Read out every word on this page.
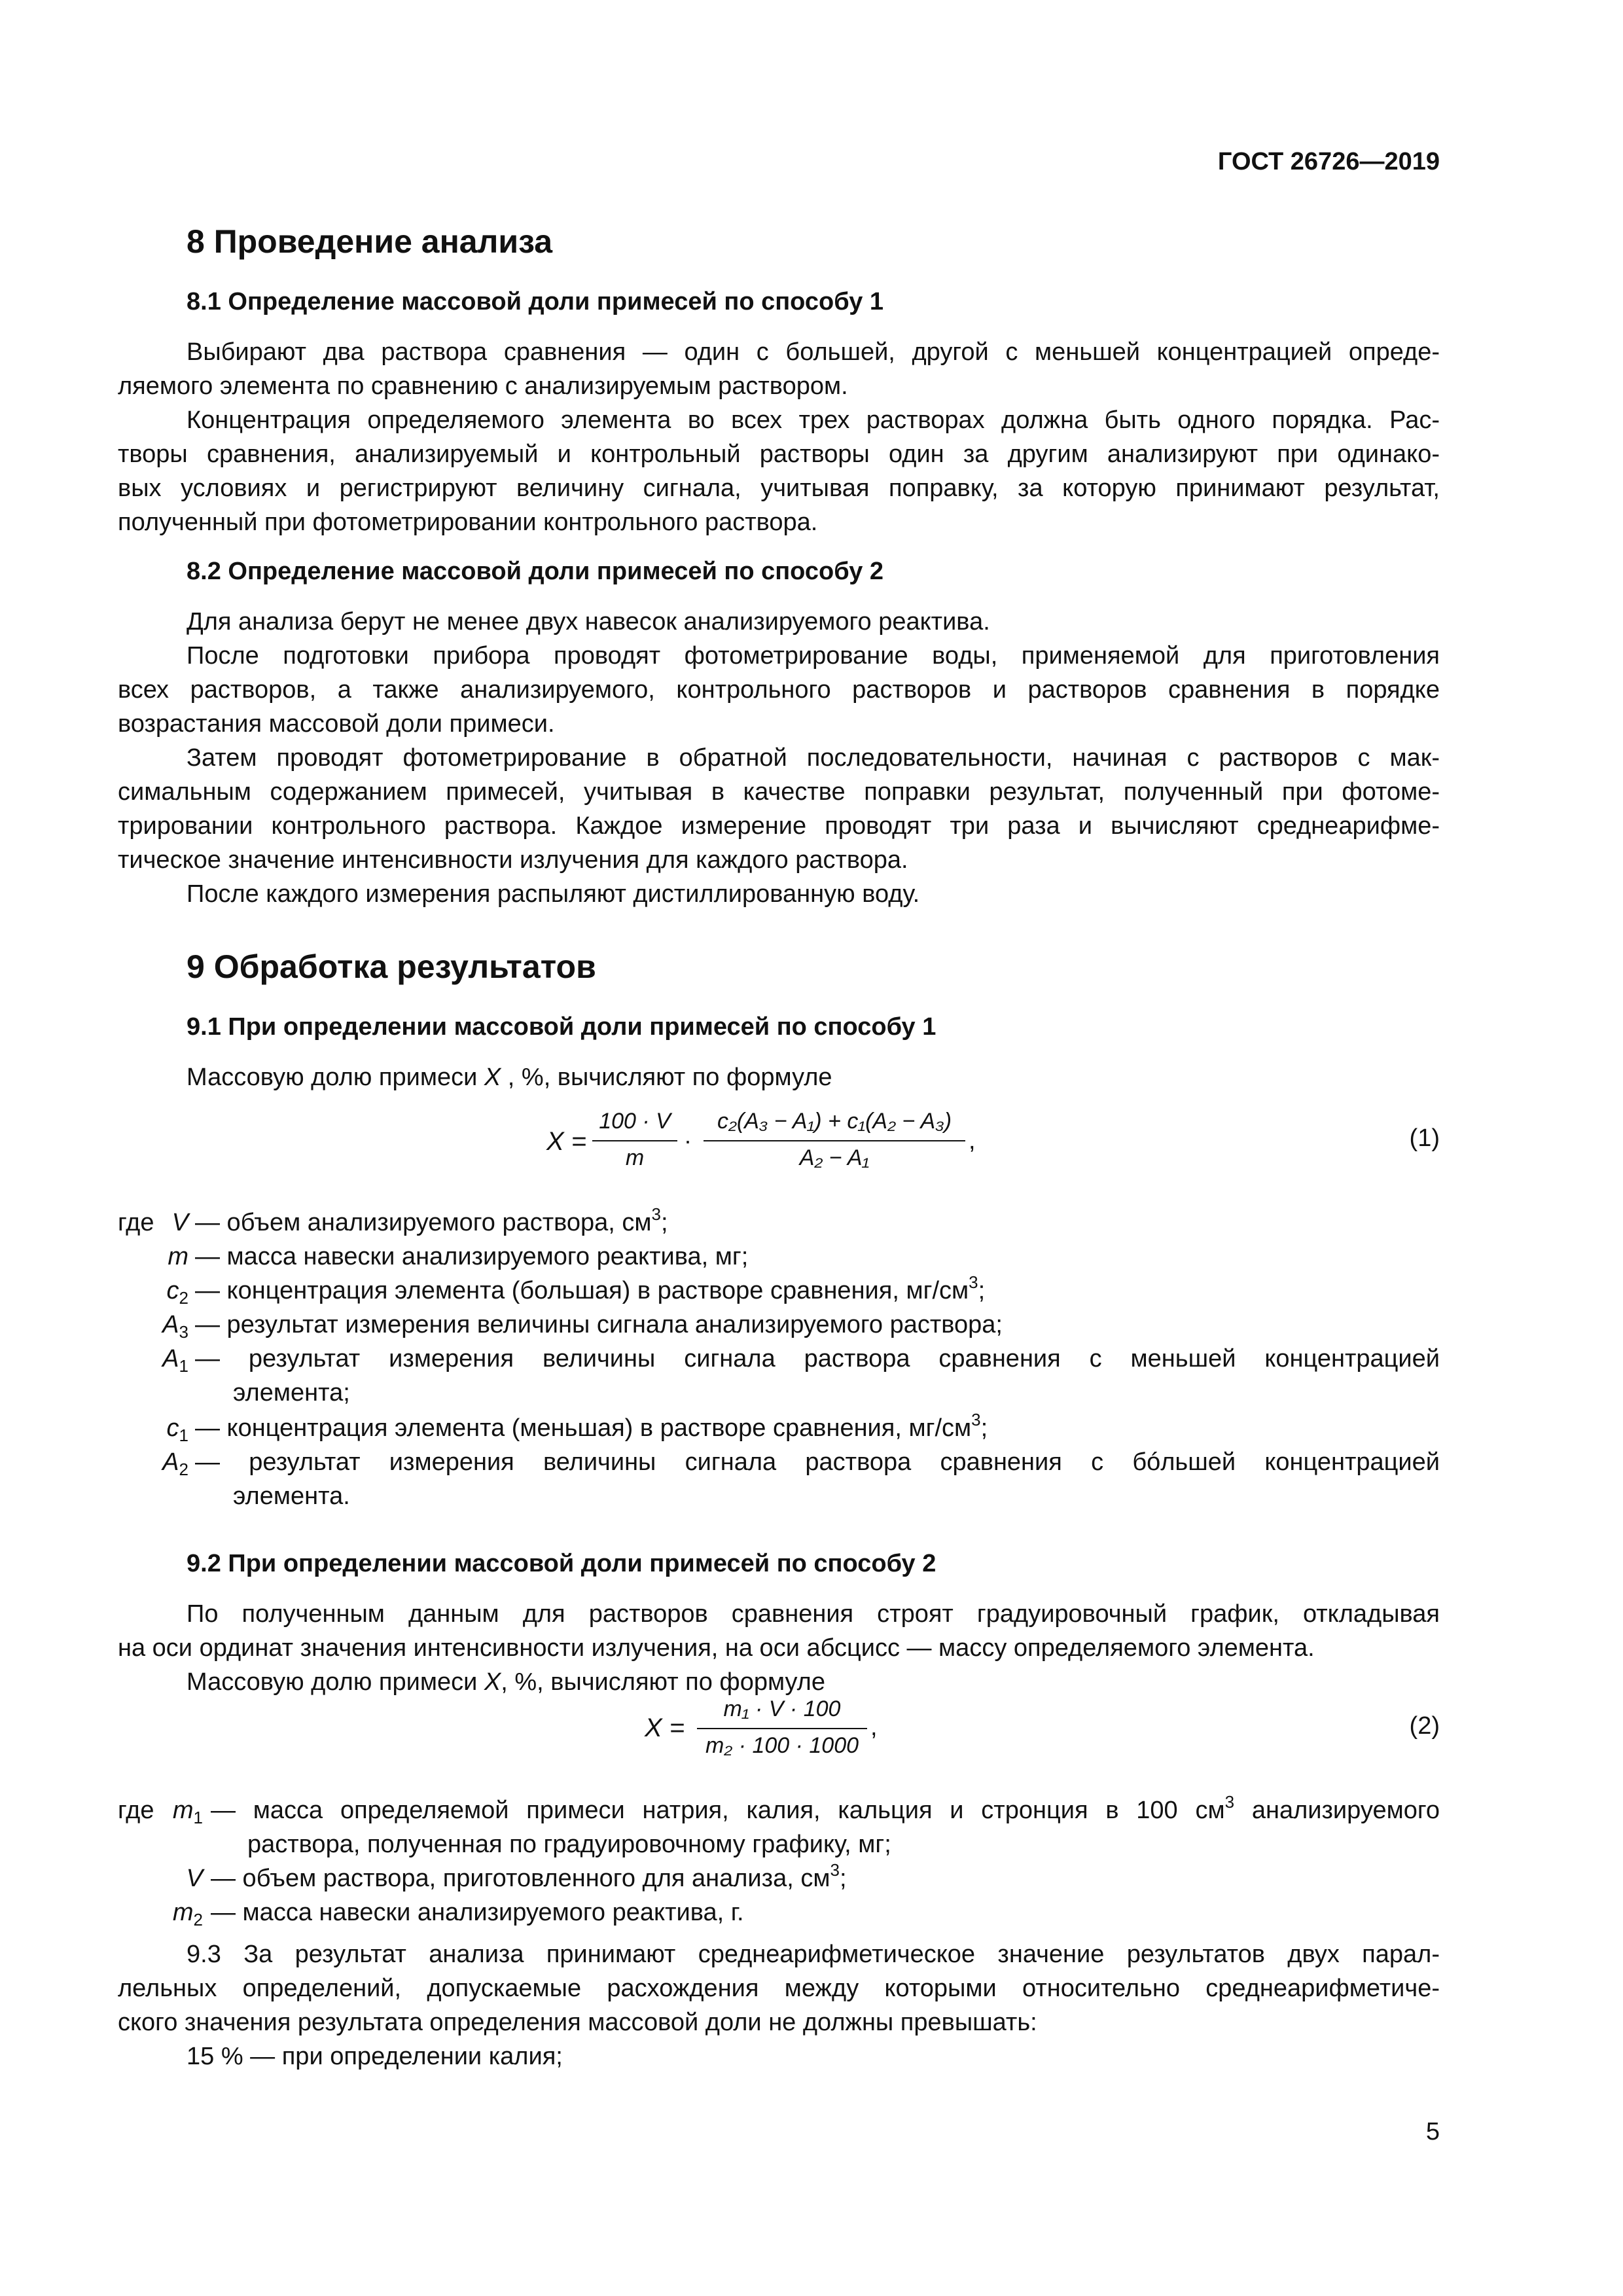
ГОСТ 26726—2019
8 Проведение анализа
8.1 Определение массовой доли примесей по способу 1
Выбирают два раствора сравнения — один с большей, другой с меньшей концентрацией опреде-
ляемого элемента по сравнению с анализируемым раствором.
Концентрация определяемого элемента во всех трех растворах должна быть одного порядка. Рас-
творы сравнения, анализируемый и контрольный растворы один за другим анализируют при одинако-
вых условиях и регистрируют величину сигнала, учитывая поправку, за которую принимают результат,
полученный при фотометрировании контрольного раствора.
8.2 Определение массовой доли примесей по способу 2
Для анализа берут не менее двух навесок анализируемого реактива.
После подготовки прибора проводят фотометрирование воды, применяемой для приготовления
всех растворов, а также анализируемого, контрольного растворов и растворов сравнения в порядке
возрастания массовой доли примеси.
Затем проводят фотометрирование в обратной последовательности, начиная с растворов с мак-
симальным содержанием примесей, учитывая в качестве поправки результат, полученный при фотоме-
трировании контрольного раствора. Каждое измерение проводят три раза и вычисляют среднеарифме-
тическое значение интенсивности излучения для каждого раствора.
После каждого измерения распыляют дистиллированную воду.
9 Обработка результатов
9.1 При определении массовой доли примесей по способу 1
Массовую долю примеси X , %, вычисляют по формуле
X =
100 · V
m
·
c₂(A₃ − A₁) + c₁(A₂ − A₃)
A₂ − A₁
,	(1)
где V — объем анализируемого раствора, $см^3$;
m — масса навески анализируемого реактива, мг;
$c_2$ — концентрация элемента (большая) в растворе сравнения, $мг/см^3$;
$A_3$ — результат измерения величины сигнала анализируемого раствора;
$A_1$ — результат измерения величины сигнала раствора сравнения с меньшей концентрацией
элемента;
$c_1$ — концентрация элемента (меньшая) в растворе сравнения, $мг/см^3$;
$A_2$ — результат измерения величины сигнала раствора сравнения с бóльшей концентрацией
элемента.
9.2 При определении массовой доли примесей по способу 2
По полученным данным для растворов сравнения строят градуировочный график, откладывая
на оси ординат значения интенсивности излучения, на оси абсцисс — массу определяемого элемента.
Массовую долю примеси X, %, вычисляют по формуле
X =
m₁ · V · 100
m₂ · 100 · 1000
,	(2)
где $m_1$ — масса определяемой примеси натрия, калия, кальция и стронция в 100 $см^3$ анализируемого
раствора, полученная по градуировочному графику, мг;
V — объем раствора, приготовленного для анализа, $см^3$;
$m_2$ — масса навески анализируемого реактива, г.
9.3 За результат анализа принимают среднеарифметическое значение результатов двух парал-
лельных определений, допускаемые расхождения между которыми относительно среднеарифметиче-
ского значения результата определения массовой доли не должны превышать:
15 % — при определении калия;
5
